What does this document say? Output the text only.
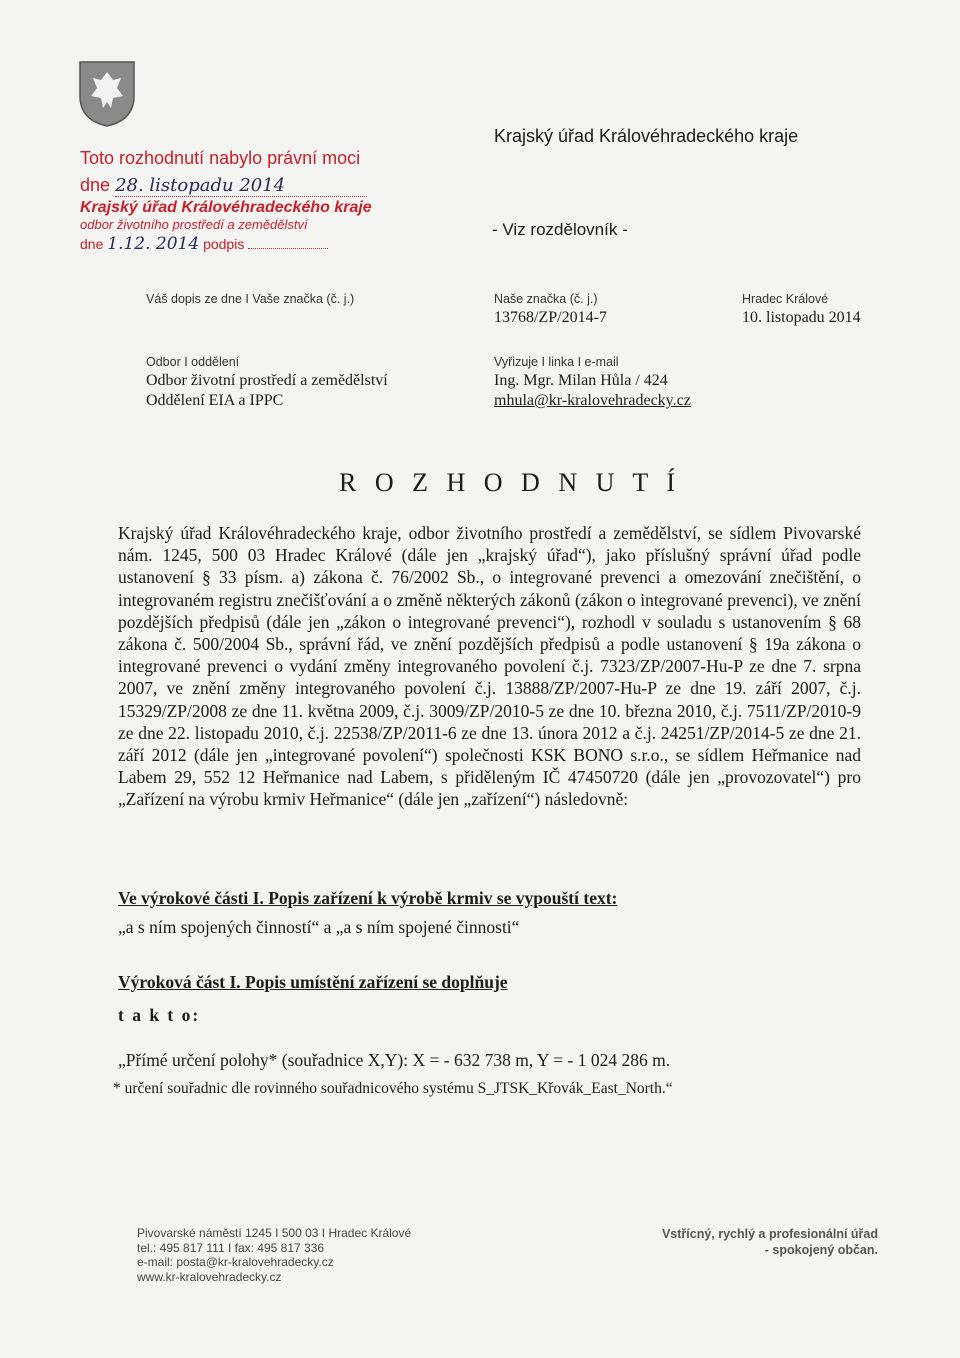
Toto rozhodnutí nabylo právní moci
dne 28. listopadu 2014
Krajský úřad Královéhradeckého kraje
odbor životního prostředí a zemědělství
dne 1.12. 2014 podpis
Krajský úřad Královéhradeckého kraje
- Viz rozdělovník -
Váš dopis ze dne I Vaše značka (č. j.)	Naše značka (č. j.)
13768/ZP/2014-7
Hradec Králové
10. listopadu 2014
Odbor I oddělení
Odbor životní prostředí a zemědělství
Oddělení EIA a IPPC
Vyřizuje I linka I e-mail
Ing. Mgr. Milan Hůla / 424
mhula@kr-kralovehradecky.cz
R O Z H O D N U T Í
Krajský úřad Královéhradeckého kraje, odbor životního prostředí a zemědělství, se sídlem Pivovarské nám. 1245, 500 03 Hradec Králové (dále jen „krajský úřad“), jako příslušný správní úřad podle ustanovení § 33 písm. a) zákona č. 76/2002 Sb., o integrované prevenci a omezování znečištění, o integrovaném registru znečišťování a o změně některých zákonů (zákon o integrované prevenci), ve znění pozdějších předpisů (dále jen „zákon o integrované prevenci“), rozhodl v souladu s ustanovením § 68 zákona č. 500/2004 Sb., správní řád, ve znění pozdějších předpisů a podle ustanovení § 19a zákona o integrované prevenci o vydání změny integrovaného povolení č.j. 7323/ZP/2007-Hu-P ze dne 7. srpna 2007, ve znění změny integrovaného povolení č.j. 13888/ZP/2007-Hu-P ze dne 19. září 2007, č.j. 15329/ZP/2008 ze dne 11. května 2009, č.j. 3009/ZP/2010-5 ze dne 10. března 2010, č.j. 7511/ZP/2010-9 ze dne 22. listopadu 2010, č.j. 22538/ZP/2011-6 ze dne 13. února 2012 a č.j. 24251/ZP/2014-5 ze dne 21. září 2012 (dále jen „integrované povolení“) společnosti KSK BONO s.r.o., se sídlem Heřmanice nad Labem 29, 552 12 Heřmanice nad Labem, s přiděleným IČ 47450720 (dále jen „provozovatel“) pro „Zařízení na výrobu krmiv Heřmanice“ (dále jen „zařízení“) následovně:
Ve výrokové části I. Popis zařízení k výrobě krmiv se vypouští text:
„a s ním spojených činností“ a „a s ním spojené činnosti“
Výroková část I. Popis umístění zařízení se doplňuje
t a k t o:
„Přímé určení polohy* (souřadnice X,Y): X = - 632 738 m, Y = - 1 024 286 m.
* určení souřadnic dle rovinného souřadnicového systému S_JTSK_Křovák_East_North.“
Pivovarské náměstí 1245 I 500 03 I Hradec Králové
tel.: 495 817 111 I fax: 495 817 336
e-mail: posta@kr-kralovehradecky.cz
www.kr-kralovehradecky.cz
Vstřícný, rychlý a profesionální úřad
- spokojený občan.
